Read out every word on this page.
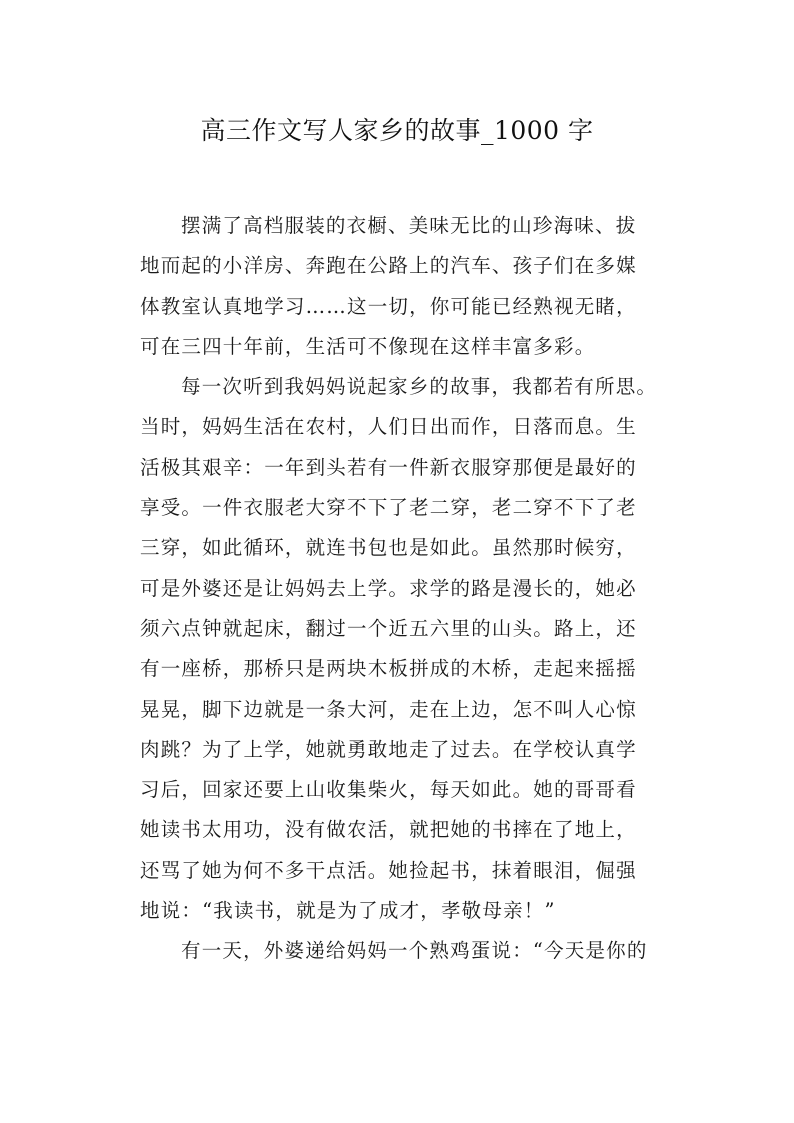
高三作文写人家乡的故事_1000 字
摆满了高档服装的衣橱、美味无比的山珍海味、拔
地而起的小洋房、奔跑在公路上的汽车、孩子们在多媒
体教室认真地学习……这一切，你可能已经熟视无睹，
可在三四十年前，生活可不像现在这样丰富多彩。
每一次听到我妈妈说起家乡的故事，我都若有所思。
当时，妈妈生活在农村，人们日出而作，日落而息。生
活极其艰辛：一年到头若有一件新衣服穿那便是最好的
享受。一件衣服老大穿不下了老二穿，老二穿不下了老
三穿，如此循环，就连书包也是如此。虽然那时候穷，
可是外婆还是让妈妈去上学。求学的路是漫长的，她必
须六点钟就起床，翻过一个近五六里的山头。路上，还
有一座桥，那桥只是两块木板拼成的木桥，走起来摇摇
晃晃，脚下边就是一条大河，走在上边，怎不叫人心惊
肉跳？为了上学，她就勇敢地走了过去。在学校认真学
习后，回家还要上山收集柴火，每天如此。她的哥哥看
她读书太用功，没有做农活，就把她的书摔在了地上，
还骂了她为何不多干点活。她捡起书，抹着眼泪，倔强
地说：“我读书，就是为了成才，孝敬母亲！”
有一天，外婆递给妈妈一个熟鸡蛋说：“今天是你的
